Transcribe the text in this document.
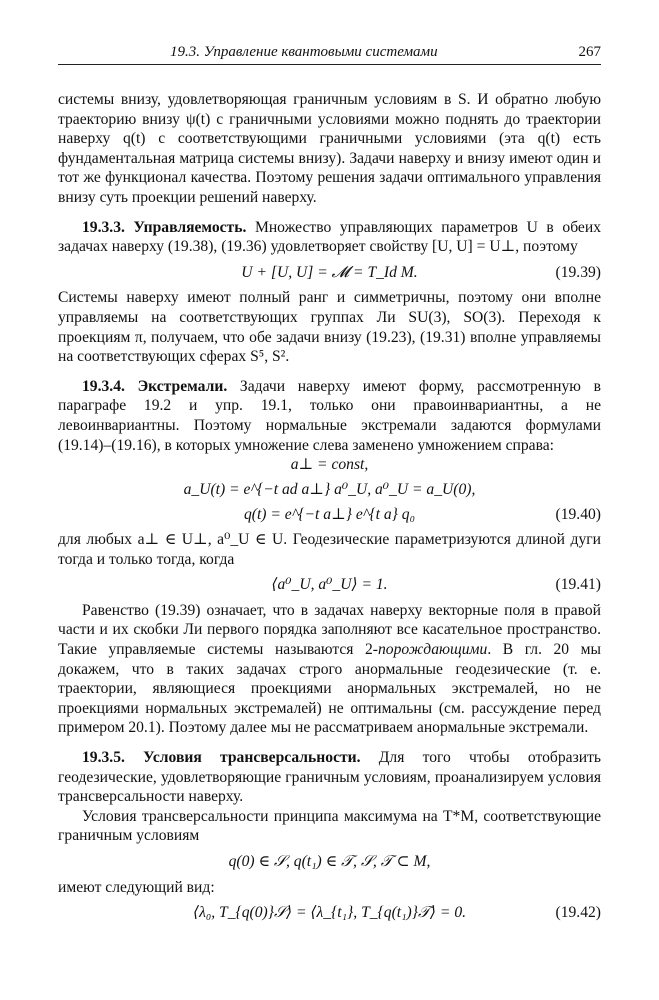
19.3. Управление квантовыми системами	267

системы внизу, удовлетворяющая граничным условиям в S. И обратно любую траекторию внизу ψ(t) с граничными условиями можно поднять до траектории наверху q(t) с соответствующими граничными условиями (эта q(t) есть фундаментальная матрица системы внизу). Задачи наверху и внизу имеют один и тот же функционал качества. Поэтому решения задачи оптимального управления внизу суть проекции решений наверху.

19.3.3. Управляемость. Множество управляющих параметров U в обеих задачах наверху (19.38), (19.36) удовлетворяет свойству [U, U] = U⊥, поэтому

U + [U, U] = 𝓜 = T_Id M.	(19.39)

Системы наверху имеют полный ранг и симметричны, поэтому они вполне управляемы на соответствующих группах Ли SU(3), SO(3). Переходя к проекциям π, получаем, что обе задачи внизу (19.23), (19.31) вполне управляемы на соответствующих сферах S⁵, S².

19.3.4. Экстремали. Задачи наверху имеют форму, рассмотренную в параграфе 19.2 и упр. 19.1, только они правоинвариантны, а не левоинвариантны. Поэтому нормальные экстремали задаются формулами (19.14)–(19.16), в которых умножение слева заменено умножением справа:

a⊥ = const,
a_U(t) = e^{−t ad a⊥} a⁰_U, a⁰_U = a_U(0),
q(t) = e^{−t a⊥} e^{t a} q₀	(19.40)

для любых a⊥ ∈ U⊥, a⁰_U ∈ U. Геодезические параметризуются длиной дуги тогда и только тогда, когда

⟨a⁰_U, a⁰_U⟩ = 1.	(19.41)

Равенство (19.39) означает, что в задачах наверху векторные поля в правой части и их скобки Ли первого порядка заполняют все касательное пространство. Такие управляемые системы называются 2-порождающими. В гл. 20 мы докажем, что в таких задачах строго анормальные геодезические (т. е. траектории, являющиеся проекциями анормальных экстремалей, но не проекциями нормальных экстремалей) не оптимальны (см. рассуждение перед примером 20.1). Поэтому далее мы не рассматриваем анормальные экстремали.

19.3.5. Условия трансверсальности. Для того чтобы отобразить геодезические, удовлетворяющие граничным условиям, проанализируем условия трансверсальности наверху.

Условия трансверсальности принципа максимума на T*M, соответствующие граничным условиям

q(0) ∈ 𝒮, q(t₁) ∈ 𝒯, 𝒮, 𝒯 ⊂ M,

имеют следующий вид:

⟨λ₀, T_{q(0)}𝒮⟩ = ⟨λ_{t₁}, T_{q(t₁)}𝒯⟩ = 0.	(19.42)
